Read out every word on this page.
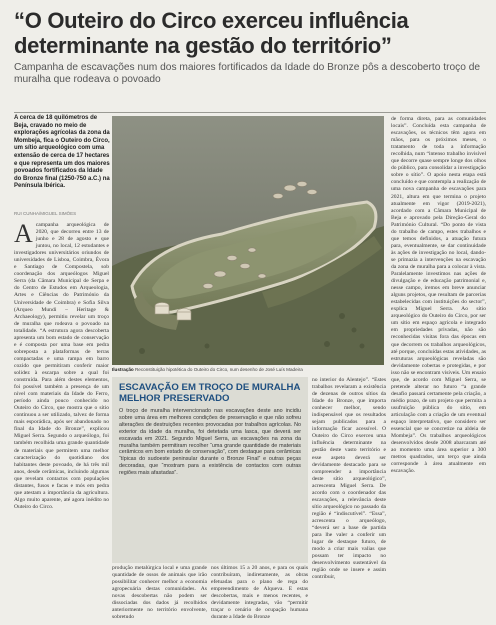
“O Outeiro do Circo exerceu influência determinante na gestão do território”

Campanha de escavações num dos maiores fortificados da Idade do Bronze pôs a descoberto troço de muralha que rodeava o povoado

A cerca de 18 quilómetros de Beja, cravado no meio de explorações agrícolas da zona da Mombeja, fica o Outeiro do Circo, um sítio arqueológico com uma extensão de cerca de 17 hectares e que representa um dos maiores povoados fortificados da Idade do Bronze final (1250-750 a.C.) na Península Ibérica.

RUI CUNHA/MIGUEL SIMÕES
A campanha arqueológica de 2020, que decorreu entre 13 de junho e 28 de agosto e que juntou, no local, 12 estudantes e investigadores universitários oriundos de universidades de Lisboa, Coimbra, Évora e Santiago de Compostela, sob coordenação dos arqueólogos Miguel Serra (da Câmara Municipal de Serpa e do Centro de Estudos em Arqueologia, Artes e Ciências do Património da Universidade de Coimbra) e Sofia Silva (Arqueo Mundi – Heritage & Archaeology), permitiu revelar um troço de muralha que rodeava o povoado na totalidade. “A estrutura agora descoberta apresenta um bom estado de conservação e é composta por uma base em pedra sobreposta a plataformas de terras compactadas e uma rampa em barro cozido que permitiram conferir maior solidez à escarpa sobre a qual foi construída. Para além destes elementos, foi possível também a presença de um nível com materiais da Idade do Ferro, período ainda pouco conhecido no Outeiro do Circo, que mostra que o sítio continuou a ser utilizado, talvez de forma mais esporádica, após ser abandonado no final da Idade do Bronze”, explicou Miguel Serra. Segundo o arqueólogo, foi também recolhida uma grande quantidade de materiais que permitem uma melhor caracterização do quotidiano dos habitantes deste povoado, de há três mil anos, desde cerâmicas, incluindo algumas que revelam contactos com populações distantes, fusos e facas e mós em pedra que atestam a importância da agricultura. Algo muito aparente, até agora inédito no Outeiro do Circo.
Ilustração Reconstituição hipotética do Outeiro do Circo, num desenho de José Luís Madeira
ESCAVAÇÃO EM TROÇO DE MURALHA MELHOR PRESERVADO

O troço de muralha intervencionado nas escavações deste ano incidiu sobre uma área em melhores condições de preservação e que não sofreu alterações de destruições recentes provocadas por trabalhos agrícolas. No exterior da idade da muralha, foi detetada uma lasca, que deverá ser escavada em 2021. Segundo Miguel Serra, as escavações na zona da muralha também permitiram recolher “uma grande quantidade de materiais cerâmicos em bom estado de conservação”, com destaque para cerâmicas “típicas do sudoeste peninsular durante o Bronze Final” e outras peças decoradas, que “mostram para a existência de contactos com outras regiões mais afastadas”.

produção metalúrgica local e uma grande quantidade de ossos de animais que irão possibilitar conhecer melhor a economia agropecuária destas comunidades. As novas descobertas não podem ser dissociadas dos dados já recolhidos anteriormente no território envolvente, sobretudo
nos últimos 15 a 20 anos, e para os quais contribuíram, indiretamente, as obras efetuadas para o plano de rega do empreendimento de Alqueva. E estas descobertas, mais e menos recentes, e devidamente integradas, vão “permitir traçar o cenário de ocupação humana durante a Idade do Bronze
no interior do Alentejo”. “Estes trabalhos revelaram a existência de dezenas de outros sítios da Idade do Bronze, que importa conhecer melhor, sendo indispensável que os resultados sejam publicados para a informação ficar acessível. O Outeiro do Circo exerceu uma influência determinante na gestão deste vasto território e esse aspeto deverá ser devidamente destacado para se compreender a importância deste sítio arqueológico”, acrescenta Miguel Serra. De acordo com o coordenador das escavações, a relevância deste sítio arqueológico no passado da região é “indiscutível”. “Essa”, acrescenta o arqueólogo, “deverá ser a base de partida para lhe valer a conferir um lugar de destaque futuro, de modo a criar mais valias que possam ter impacto no desenvolvimento sustentável da região onde se insere e assim contribuir,
de forma direta, para as comunidades locais”. Concluída esta campanha de escavações, os técnicos têm agora em mãos, para os próximos meses, o tratamento de toda a informação recolhida, num “intenso trabalho invisível que decorre quase sempre longe dos olhos do público, para consolidar a investigação sobre o sítio”. O apoio nesta etapa está concluído e que contempla a realização de uma nova campanha de escavações para 2021, altura em que termina o projeto atualmente em vigor (2019-2021), acordado com a Câmara Municipal de Beja e aprovado pela Direção-Geral do Património Cultural. “Do ponto de vista do trabalho de campo, estes trabalhos e que temos definidos, a atuação futura para, eventualmente, se dar continuidade às ações de investigação no local, dando-se primazia a intervenções na escavação da zona de muralha para a colocar à vista. Paralelamente investimos nas ações de divulgação e de educação patrimonial e, nesse campo, iremos em breve anunciar alguns projetos, que resultam de parcerias estabelecidas com instituições do sector”, explica Miguel Serra. Ao sítio arqueológico do Outeiro do Circo, por ser um sítio em espaço agrícola e integrado em propriedades privadas, não são reconhecidas visitas fora das épocas em que decorrem os trabalhos arqueológicos, até porque, concluídas estas atividades, as estruturas arqueológicas reveladas são devidamente cobertas e protegidas, e por isso não se encontram visíveis. Um ensaio que, de acordo com Miguel Serra, se pretende alterar no futuro “a grande desafio passará certamente pela criação, a médio prazo, de um projeto que permita a usufruição pública do sítio, em articulação com a criação de um eventual espaço interpretativo, que considero ser essencial que se concretize na aldeia de Mombeja”. Os trabalhos arqueológicos desenvolvidos desde 2008 abarcaram até ao momento uma área superior a 300 metros quadrados, um terço que ainda corresponde à área atualmente em escavação.
